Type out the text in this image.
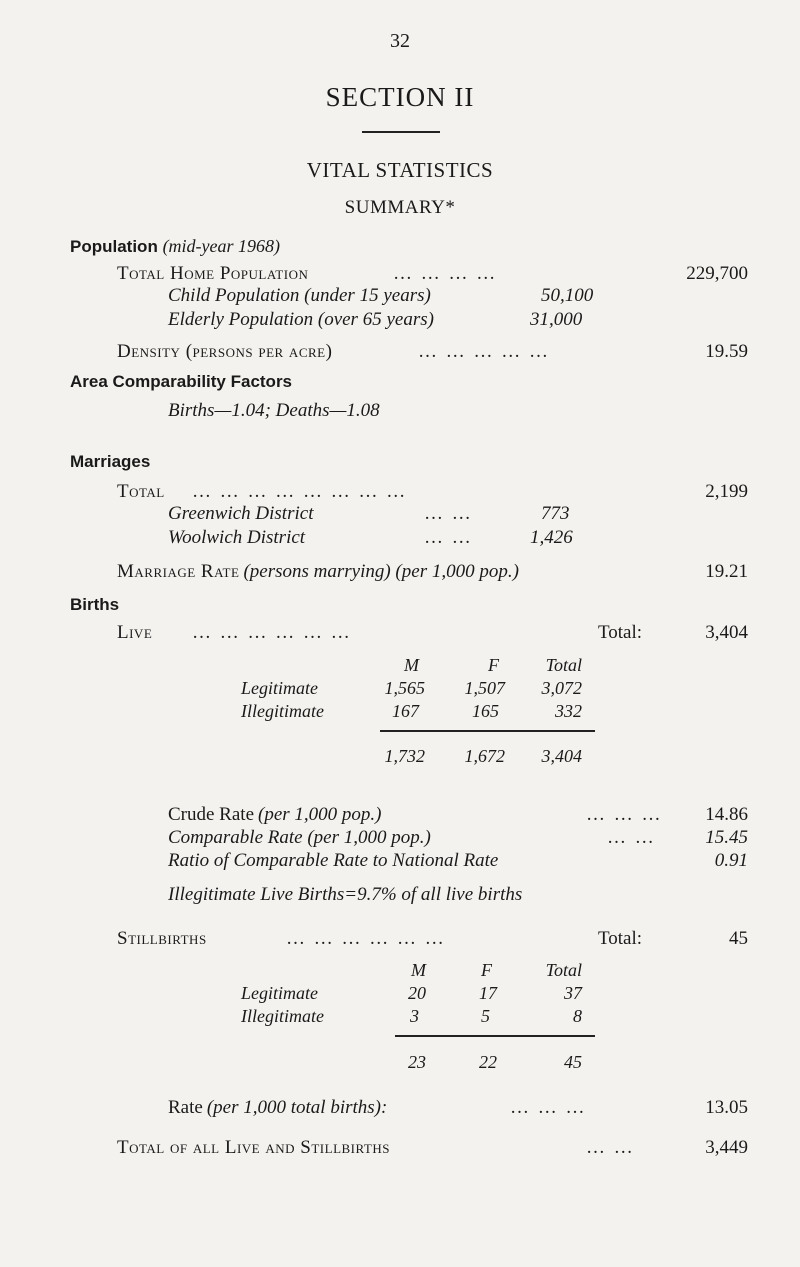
32
SECTION II
VITAL STATISTICS
SUMMARY*
Population (mid-year 1968)
Total Home Population	… … … …	229,700
Child Population (under 15 years)	50,100
Elderly Population (over 65 years)	31,000
Density (persons per acre)	… … … … …	19.59
Area Comparability Factors
Births—1.04; Deaths—1.08
Marriages
Total … … … … … … … …	2,199
Greenwich District	… …	773
Woolwich District	… …	1,426
Marriage Rate (persons marrying) (per 1,000 pop.)	19.21
Births
Live … … … … … …	Total:	3,404
M	F	Total
Legitimate	1,565	1,507	3,072
Illegitimate	167	165	332
1,732	1,672	3,404
Crude Rate (per 1,000 pop.)	… … … 14.86
Comparable Rate (per 1,000 pop.)	… …	15.45
Ratio of Comparable Rate to National Rate	0.91
Illegitimate Live Births=9.7% of all live births
Stillbirths	… … … … … …	Total:	45
M	F	Total
Legitimate	20	17	37
Illegitimate	3	5	8
23	22	45
Rate (per 1,000 total births):	… … …	13.05
Total of all Live and Stillbirths	… …	3,449
